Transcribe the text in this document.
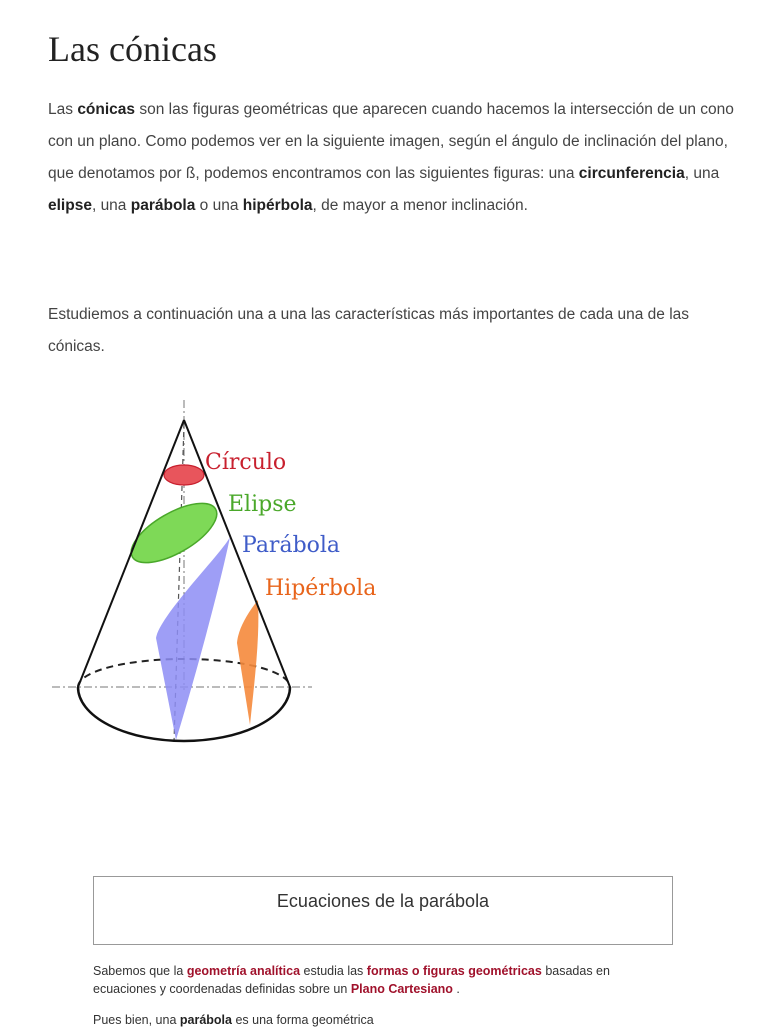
Las cónicas

Las cónicas son las figuras geométricas que aparecen cuando hacemos la intersección de un cono con un plano. Como podemos ver en la siguiente imagen, según el ángulo de inclinación del plano, que denotamos por ß, podemos encontramos con las siguientes figuras: una circunferencia, una elipse, una parábola o una hipérbola, de mayor a menor inclinación.

Estudiemos a continuación una a una las características más importantes de cada una de las cónicas.

Círculo
Elipse
Parábola
Hipérbola
Ecuaciones de la parábola

Sabemos que la geometría analítica estudia las formas o figuras geométricas basadas en ecuaciones y coordenadas definidas sobre un Plano Cartesiano .

Pues bien, una parábola es una forma geométrica
